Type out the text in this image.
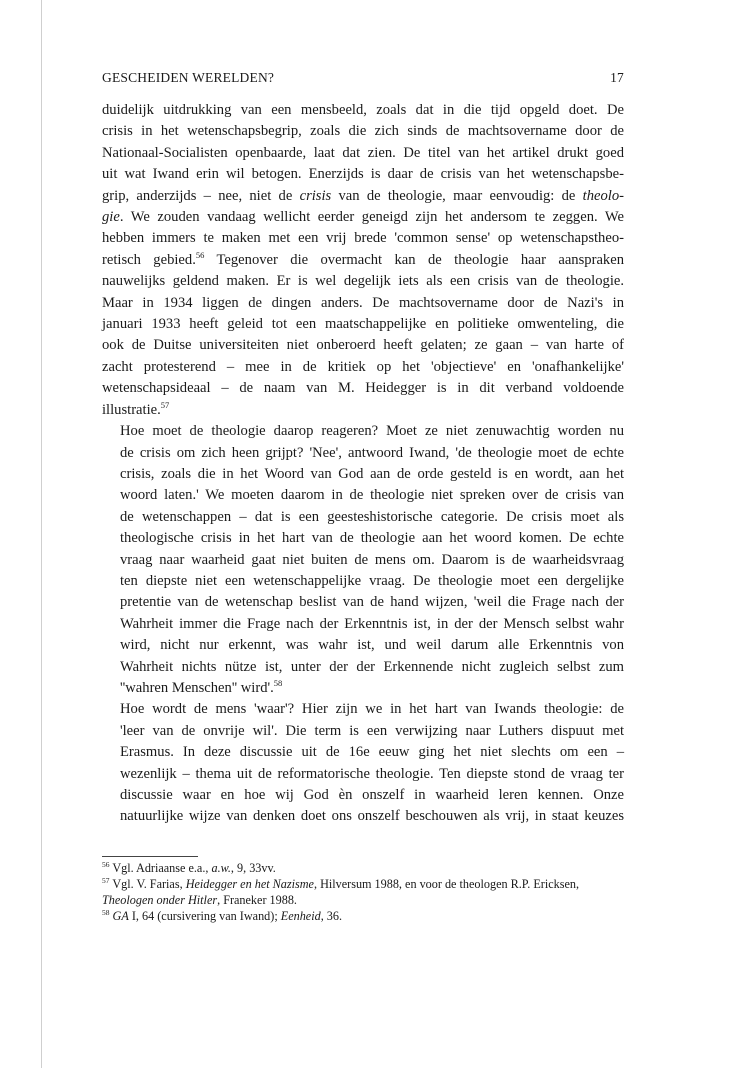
GESCHEIDEN WERELDEN?	17

duidelijk uitdrukking van een mensbeeld, zoals dat in die tijd opgeld doet. De
crisis in het wetenschapsbegrip, zoals die zich sinds de machtsovername door de
Nationaal-Socialisten openbaarde, laat dat zien. De titel van het artikel drukt goed
uit wat Iwand erin wil betogen. Enerzijds is daar de crisis van het wetenschapsbe-
grip, anderzijds – nee, niet de crisis van de theologie, maar eenvoudig: de theolo-
gie. We zouden vandaag wellicht eerder geneigd zijn het andersom te zeggen. We
hebben immers te maken met een vrij brede 'common sense' op wetenschapstheo-
retisch gebied.$^{56}$ Tegenover die overmacht kan de theologie haar aanspraken
nauwelijks geldend maken. Er is wel degelijk iets als een crisis van de theologie.
Maar in 1934 liggen de dingen anders. De machtsovername door de Nazi's in
januari 1933 heeft geleid tot een maatschappelijke en politieke omwenteling, die
ook de Duitse universiteiten niet onberoerd heeft gelaten; ze gaan – van harte of
zacht protesterend – mee in de kritiek op het 'objectieve' en 'onafhankelijke'
wetenschapsideaal – de naam van M. Heidegger is in dit verband voldoende
illustratie.$^{57}$

Hoe moet de theologie daarop reageren? Moet ze niet zenuwachtig worden nu
de crisis om zich heen grijpt? 'Nee', antwoord Iwand, 'de theologie moet de echte
crisis, zoals die in het Woord van God aan de orde gesteld is en wordt, aan het
woord laten.' We moeten daarom in de theologie niet spreken over de crisis van
de wetenschappen – dat is een geesteshistorische categorie. De crisis moet als
theologische crisis in het hart van de theologie aan het woord komen. De echte
vraag naar waarheid gaat niet buiten de mens om. Daarom is de waarheidsvraag
ten diepste niet een wetenschappelijke vraag. De theologie moet een dergelijke
pretentie van de wetenschap beslist van de hand wijzen, 'weil die Frage nach der
Wahrheit immer die Frage nach der Erkenntnis ist, in der der Mensch selbst wahr
wird, nicht nur erkennt, was wahr ist, und weil darum alle Erkenntnis von
Wahrheit nichts nütze ist, unter der der Erkennende nicht zugleich selbst zum
''wahren Menschen'' wird'.$^{58}$

Hoe wordt de mens 'waar'? Hier zijn we in het hart van Iwands theologie: de
'leer van de onvrije wil'. Die term is een verwijzing naar Luthers dispuut met
Erasmus. In deze discussie uit de 16e eeuw ging het niet slechts om een –
wezenlijk – thema uit de reformatorische theologie. Ten diepste stond de vraag ter
discussie waar en hoe wij God èn onszelf in waarheid leren kennen. Onze
natuurlijke wijze van denken doet ons onszelf beschouwen als vrij, in staat keuzes

$^{56}$ Vgl. Adriaanse e.a., a.w., 9, 33vv.

$^{57}$ Vgl. V. Farias, Heidegger en het Nazisme, Hilversum 1988, en voor de theologen R.P. Ericksen, Theologen onder Hitler, Franeker 1988.

$^{58}$ GA I, 64 (cursivering van Iwand); Eenheid, 36.
